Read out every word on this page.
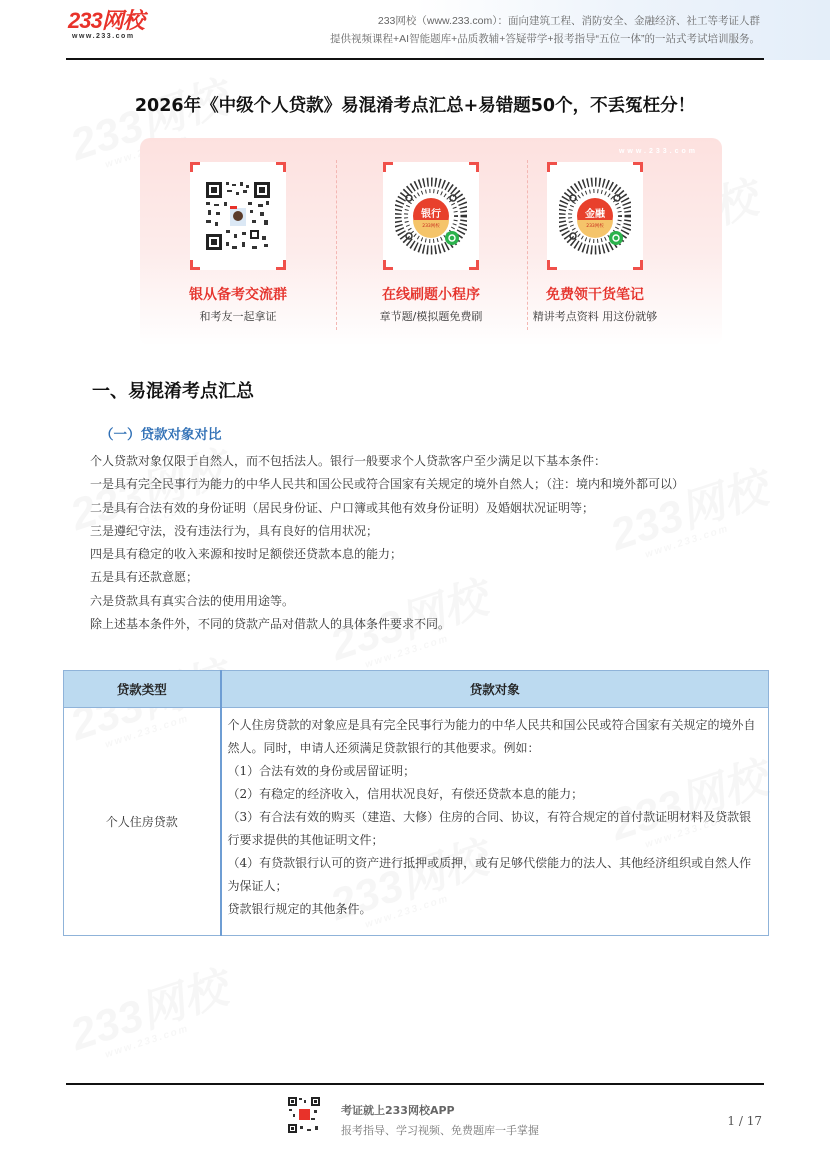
233网校
www.233.com
233网校（www.233.com）：面向建筑工程、消防安全、金融经济、社工等考证人群
提供视频课程+AI智能题库+品质教辅+答疑带学+报考指导“五位一体”的一站式考试培训服务。
2026年《中级个人贷款》易混淆考点汇总+易错题50个，不丢冤枉分！
www.233.com
银从备考交流群
和考友一起拿证
银行
233网校
在线刷题小程序
章节题/模拟题免费刷
金融
233网校
免费领干货笔记
精讲考点资料 用这份就够
一、易混淆考点汇总
（一）贷款对象对比

个人贷款对象仅限于自然人，而不包括法人。银行一般要求个人贷款客户至少满足以下基本条件：

一是具有完全民事行为能力的中华人民共和国公民或符合国家有关规定的境外自然人；（注：境内和境外都可以）

二是具有合法有效的身份证明（居民身份证、户口簿或其他有效身份证明）及婚姻状况证明等；

三是遵纪守法，没有违法行为，具有良好的信用状况；

四是具有稳定的收入来源和按时足额偿还贷款本息的能力；

五是具有还款意愿；

六是贷款具有真实合法的使用用途等。

除上述基本条件外，不同的贷款产品对借款人的具体条件要求不同。

贷款类型	贷款对象
个人住房贷款	
个人住房贷款的对象应是具有完全民事行为能力的中华人民共和国公民或符合国家有关规定的境外自然人。同时，申请人还须满足贷款银行的其他要求。例如：
（1）合法有效的身份或居留证明；
（2）有稳定的经济收入，信用状况良好，有偿还贷款本息的能力；
（3）有合法有效的购买（建造、大修）住房的合同、协议，有符合规定的首付款证明材料及贷款银行要求提供的其他证明文件；
（4）有贷款银行认可的资产进行抵押或质押，或有足够代偿能力的法人、其他经济组织或自然人作为保证人；
贷款银行规定的其他条件。
考证就上233网校APP
报考指导、学习视频、免费题库一手掌握
1 / 17
